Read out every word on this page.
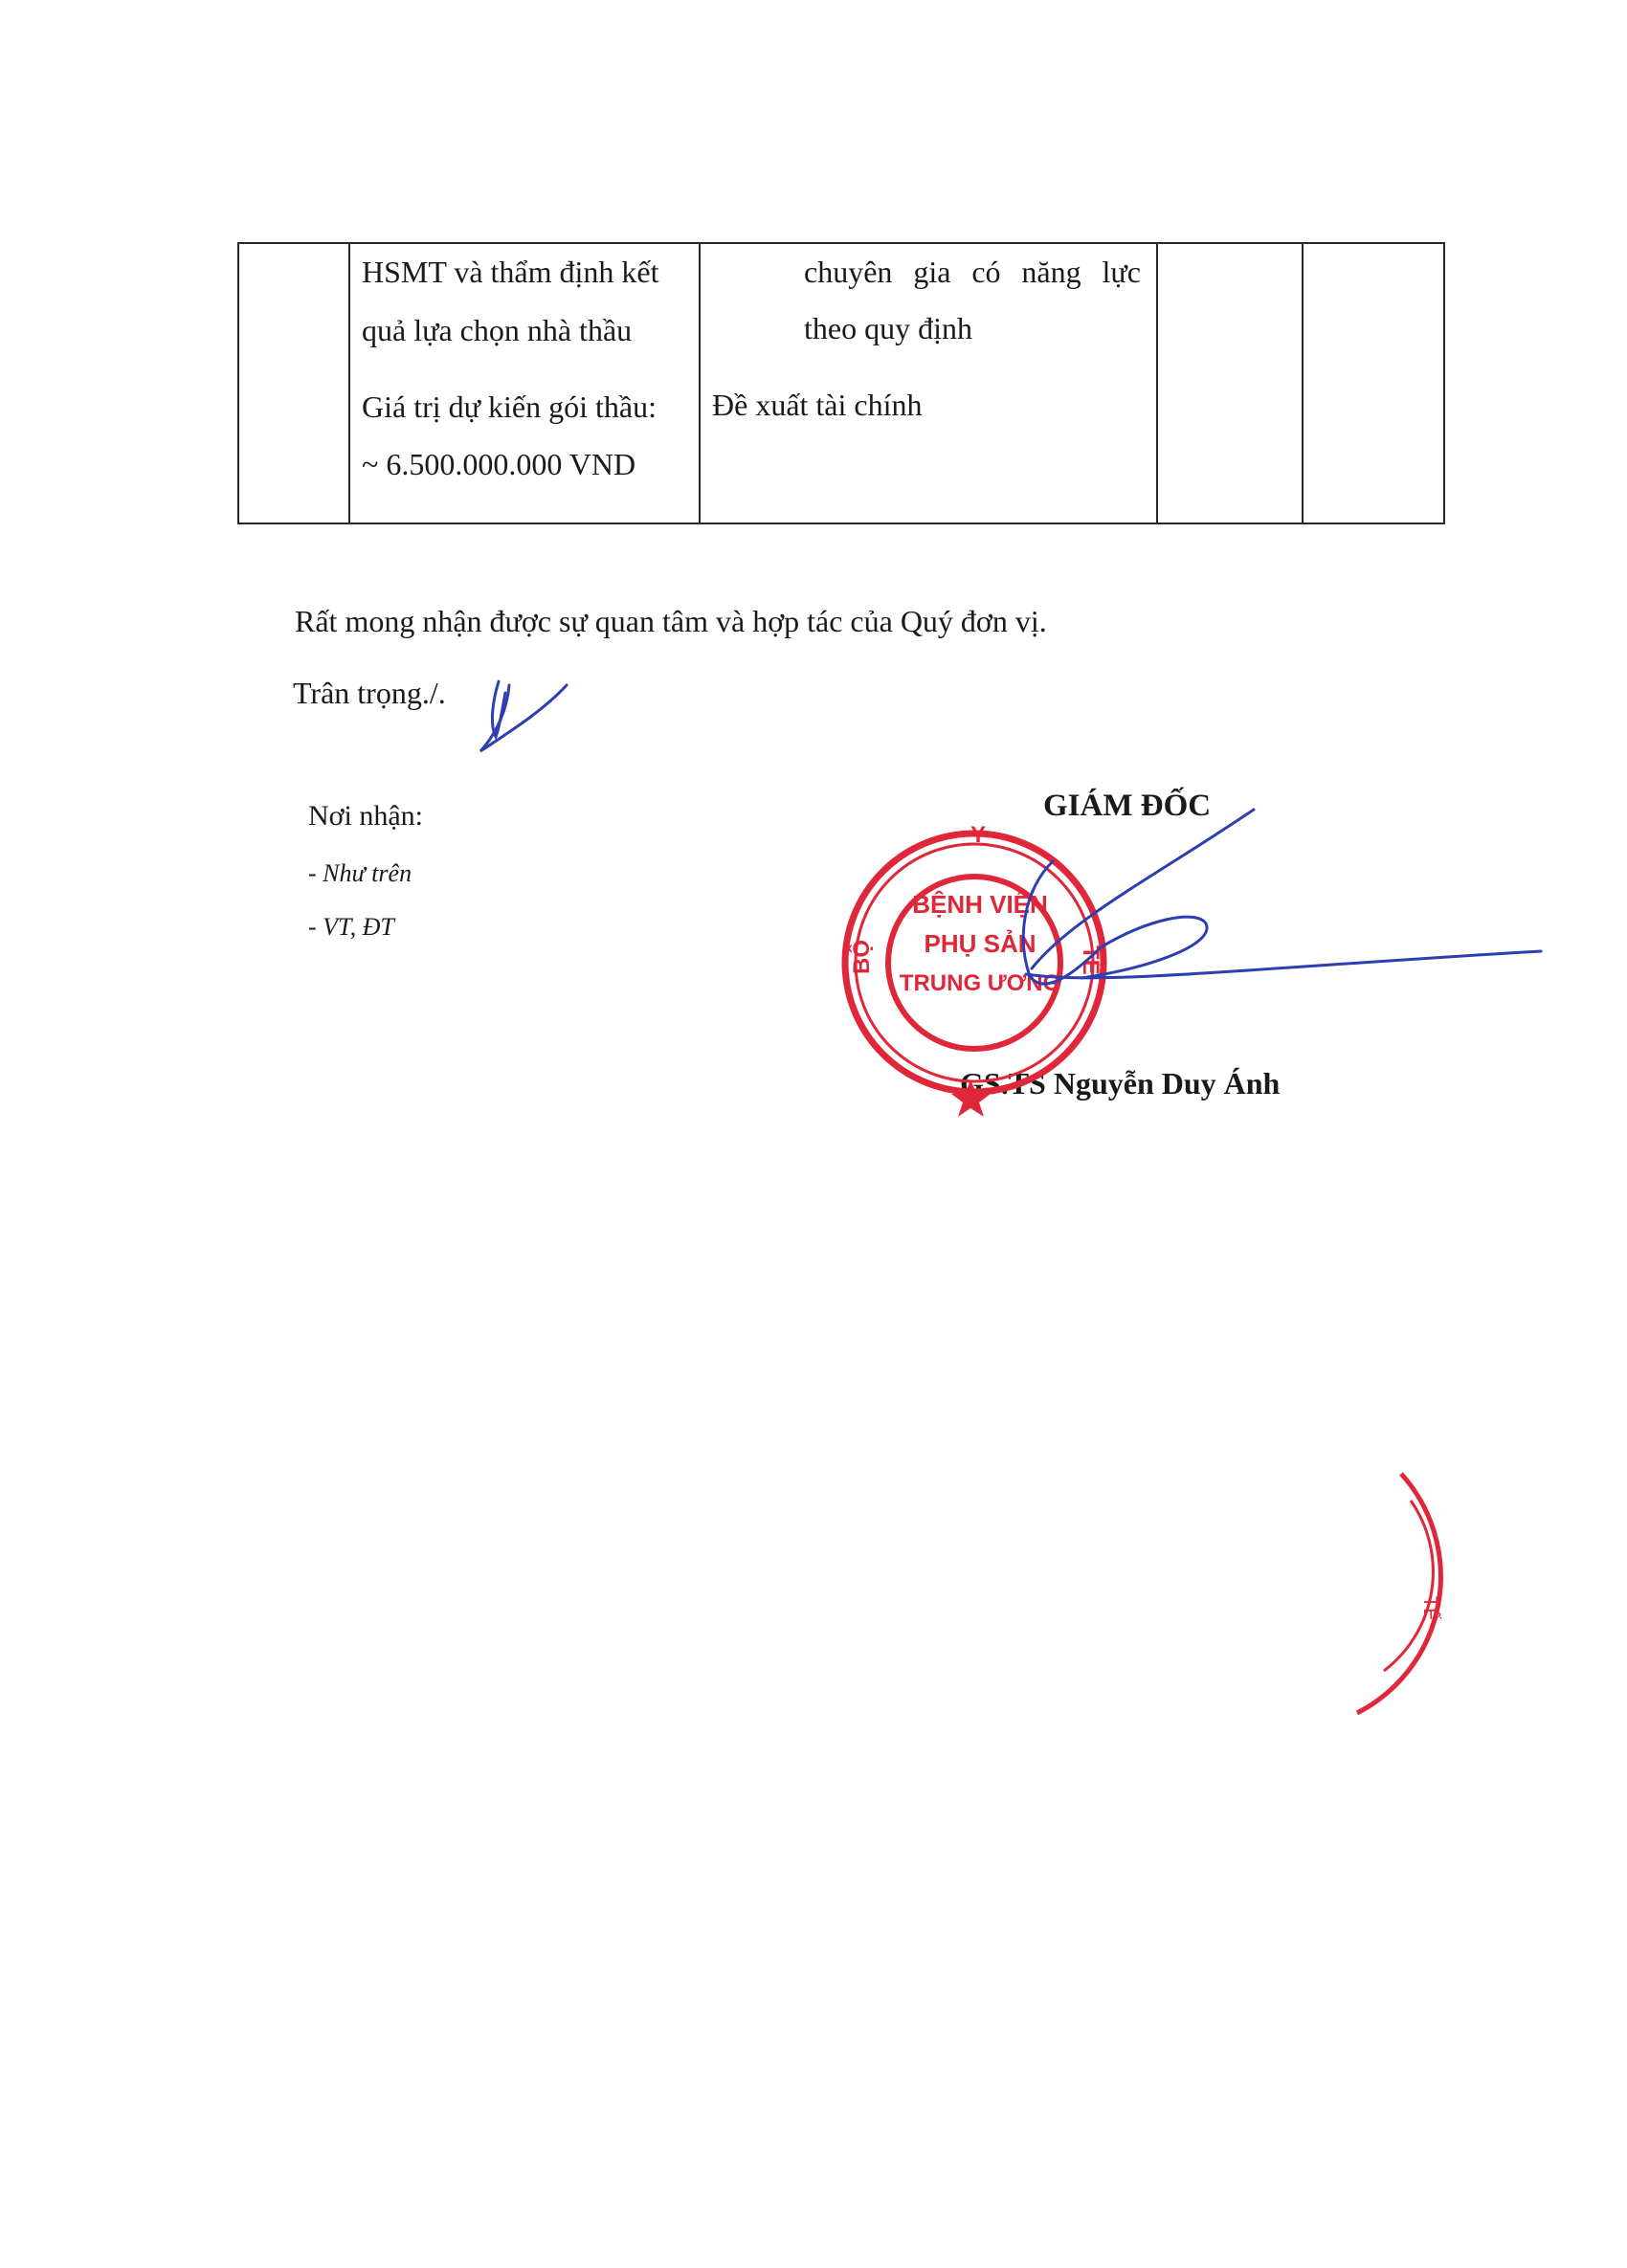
HSMT và thẩm định kết
quả lựa chọn nhà thầu
Giá trị dự kiến gói thầu:
~ 6.500.000.000 VND
chuyên gia có năng lực
theo quy định
Đề xuất tài chính
Rất mong nhận được sự quan tâm và hợp tác của Quý đơn vị.
Trân trọng./.
Nơi nhận:
- Như trên
- VT, ĐT
GIÁM ĐỐC
GS.TS Nguyễn Duy Ánh
Y
BỘ	TẾ
BỆNH VIỆN
PHỤ SẢN
TRUNG ƯƠNG
TẾ
